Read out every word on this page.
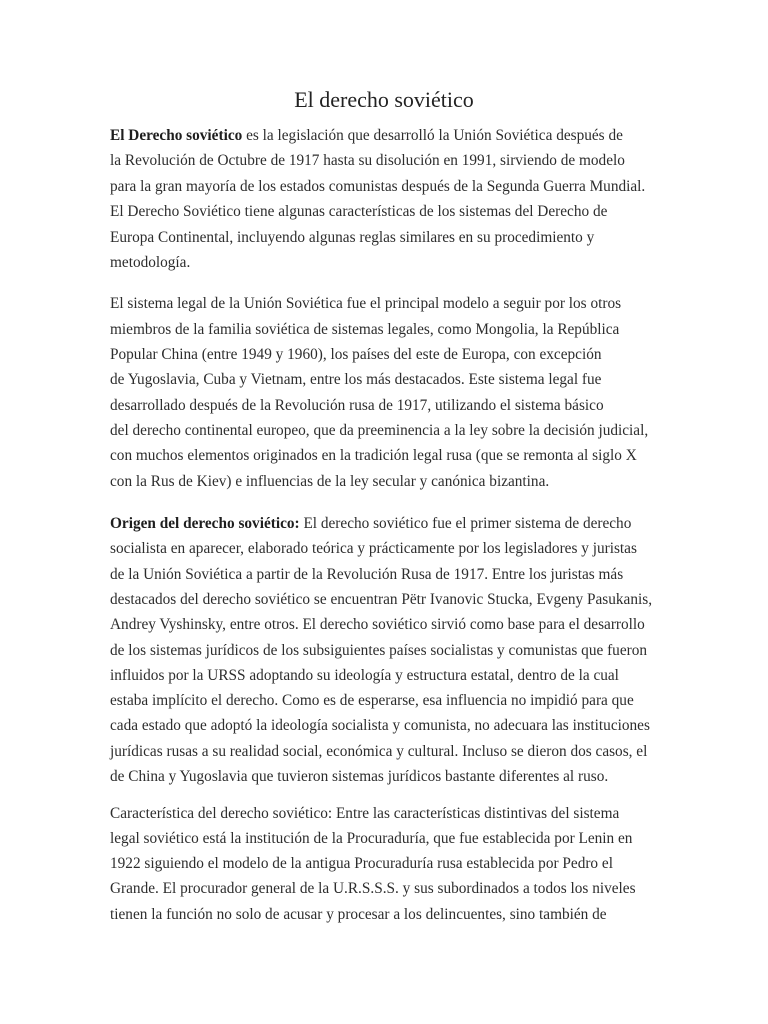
El derecho soviético
El Derecho soviético es la legislación que desarrolló la Unión Soviética después de
la Revolución de Octubre de 1917 hasta su disolución en 1991, sirviendo de modelo
para la gran mayoría de los estados comunistas después de la Segunda Guerra Mundial.
El Derecho Soviético tiene algunas características de los sistemas del Derecho de
Europa Continental, incluyendo algunas reglas similares en su procedimiento y
metodología.
El sistema legal de la Unión Soviética fue el principal modelo a seguir por los otros
miembros de la familia soviética de sistemas legales, como Mongolia, la República
Popular China (entre 1949 y 1960), los países del este de Europa, con excepción
de Yugoslavia, Cuba y Vietnam, entre los más destacados. Este sistema legal fue
desarrollado después de la Revolución rusa de 1917, utilizando el sistema básico
del derecho continental europeo, que da preeminencia a la ley sobre la decisión judicial,
con muchos elementos originados en la tradición legal rusa (que se remonta al siglo X
con la Rus de Kiev) e influencias de la ley secular y canónica bizantina.
Origen del derecho soviético: El derecho soviético fue el primer sistema de derecho
socialista en aparecer, elaborado teórica y prácticamente por los legisladores y juristas
de la Unión Soviética a partir de la Revolución Rusa de 1917. Entre los juristas más
destacados del derecho soviético se encuentran Pëtr Ivanovic Stucka, Evgeny Pasukanis,
Andrey Vyshinsky, entre otros. El derecho soviético sirvió como base para el desarrollo
de los sistemas jurídicos de los subsiguientes países socialistas y comunistas que fueron
influidos por la URSS adoptando su ideología y estructura estatal, dentro de la cual
estaba implícito el derecho. Como es de esperarse, esa influencia no impidió para que
cada estado que adoptó la ideología socialista y comunista, no adecuara las instituciones
jurídicas rusas a su realidad social, económica y cultural. Incluso se dieron dos casos, el
de China y Yugoslavia que tuvieron sistemas jurídicos bastante diferentes al ruso.
Característica del derecho soviético: Entre las características distintivas del sistema
legal soviético está la institución de la Procuraduría, que fue establecida por Lenin en
1922 siguiendo el modelo de la antigua Procuraduría rusa establecida por Pedro el
Grande. El procurador general de la U.R.S.S.S. y sus subordinados a todos los niveles
tienen la función no solo de acusar y procesar a los delincuentes, sino también de
